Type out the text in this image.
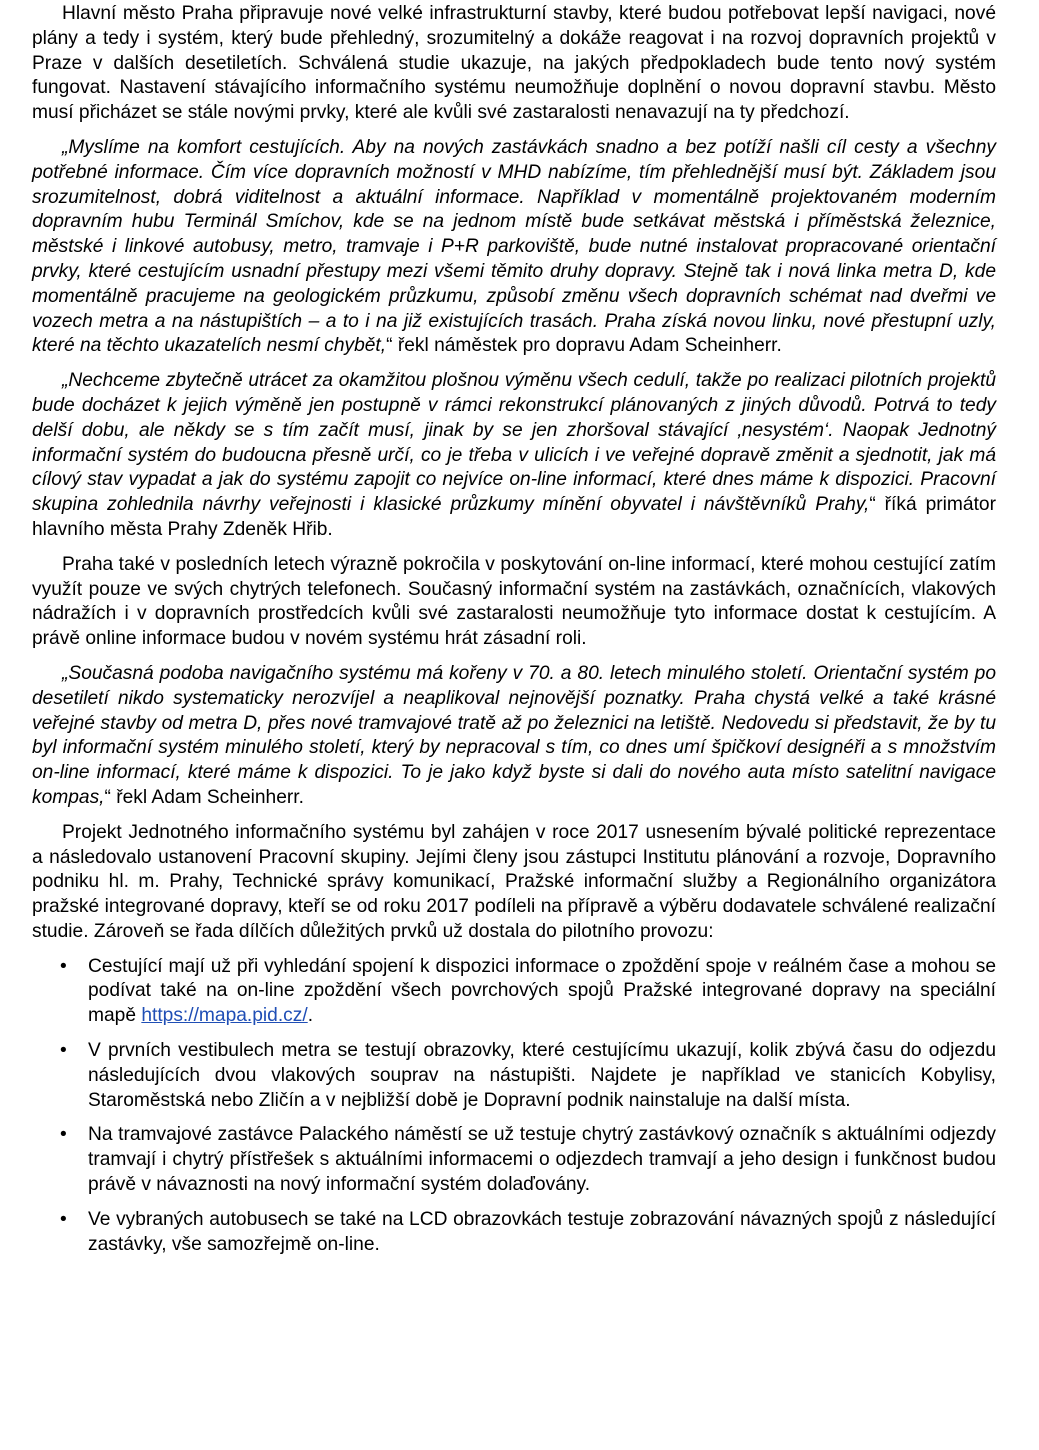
Hlavní město Praha připravuje nové velké infrastrukturní stavby, které budou potřebovat lepší navigaci, nové plány a tedy i systém, který bude přehledný, srozumitelný a dokáže reagovat i na rozvoj dopravních projektů v Praze v dalších desetiletích. Schválená studie ukazuje, na jakých předpokladech bude tento nový systém fungovat. Nastavení stávajícího informačního systému neumožňuje doplnění o novou dopravní stavbu. Město musí přicházet se stále novými prvky, které ale kvůli své zastaralosti nenavazují na ty předchozí.

„Myslíme na komfort cestujících. Aby na nových zastávkách snadno a bez potíží našli cíl cesty a všechny potřebné informace. Čím více dopravních možností v MHD nabízíme, tím přehlednější musí být. Základem jsou srozumitelnost, dobrá viditelnost a aktuální informace. Například v momentálně projektovaném moderním dopravním hubu Terminál Smíchov, kde se na jednom místě bude setkávat městská i příměstská železnice, městské i linkové autobusy, metro, tramvaje i P+R parkoviště, bude nutné instalovat propracované orientační prvky, které cestujícím usnadní přestupy mezi všemi těmito druhy dopravy. Stejně tak i nová linka metra D, kde momentálně pracujeme na geologickém průzkumu, způsobí změnu všech dopravních schémat nad dveřmi ve vozech metra a na nástupištích – a to i na již existujících trasách. Praha získá novou linku, nové přestupní uzly, které na těchto ukazatelích nesmí chybět,“ řekl náměstek pro dopravu Adam Scheinherr.

„Nechceme zbytečně utrácet za okamžitou plošnou výměnu všech cedulí, takže po realizaci pilotních projektů bude docházet k jejich výměně jen postupně v rámci rekonstrukcí plánovaných z jiných důvodů. Potrvá to tedy delší dobu, ale někdy se s tím začít musí, jinak by se jen zhoršoval stávající ‚nesystém‘. Naopak Jednotný informační systém do budoucna přesně určí, co je třeba v ulicích i ve veřejné dopravě změnit a sjednotit, jak má cílový stav vypadat a jak do systému zapojit co nejvíce on-line informací, které dnes máme k dispozici. Pracovní skupina zohlednila návrhy veřejnosti i klasické průzkumy mínění obyvatel i návštěvníků Prahy,“ říká primátor hlavního města Prahy Zdeněk Hřib.

Praha také v posledních letech výrazně pokročila v poskytování on-line informací, které mohou cestující zatím využít pouze ve svých chytrých telefonech. Současný informační systém na zastávkách, označnících, vlakových nádražích i v dopravních prostředcích kvůli své zastaralosti neumožňuje tyto informace dostat k cestujícím. A právě online informace budou v novém systému hrát zásadní roli.

„Současná podoba navigačního systému má kořeny v 70. a 80. letech minulého století. Orientační systém po desetiletí nikdo systematicky nerozvíjel a neaplikoval nejnovější poznatky. Praha chystá velké a také krásné veřejné stavby od metra D, přes nové tramvajové tratě až po železnici na letiště. Nedovedu si představit, že by tu byl informační systém minulého století, který by nepracoval s tím, co dnes umí špičkoví designéři a s množstvím on-line informací, které máme k dispozici. To je jako když byste si dali do nového auta místo satelitní navigace kompas,“ řekl Adam Scheinherr.

Projekt Jednotného informačního systému byl zahájen v roce 2017 usnesením bývalé politické reprezentace a následovalo ustanovení Pracovní skupiny. Jejími členy jsou zástupci Institutu plánování a rozvoje, Dopravního podniku hl. m. Prahy, Technické správy komunikací, Pražské informační služby a Regionálního organizátora pražské integrované dopravy, kteří se od roku 2017 podíleli na přípravě a výběru dodavatele schválené realizační studie. Zároveň se řada dílčích důležitých prvků už dostala do pilotního provozu:

• Cestující mají už při vyhledání spojení k dispozici informace o zpoždění spoje v reálném čase a mohou se podívat také na on-line zpoždění všech povrchových spojů Pražské integrované dopravy na speciální mapě https://mapa.pid.cz/.
• V prvních vestibulech metra se testují obrazovky, které cestujícímu ukazují, kolik zbývá času do odjezdu následujících dvou vlakových souprav na nástupišti. Najdete je například ve stanicích Kobylisy, Staroměstská nebo Zličín a v nejbližší době je Dopravní podnik nainstaluje na další místa.
• Na tramvajové zastávce Palackého náměstí se už testuje chytrý zastávkový označník s aktuálními odjezdy tramvají i chytrý přístřešek s aktuálními informacemi o odjezdech tramvají a jeho design i funkčnost budou právě v návaznosti na nový informační systém dolaďovány.
• Ve vybraných autobusech se také na LCD obrazovkách testuje zobrazování návazných spojů z následující zastávky, vše samozřejmě on-line.
